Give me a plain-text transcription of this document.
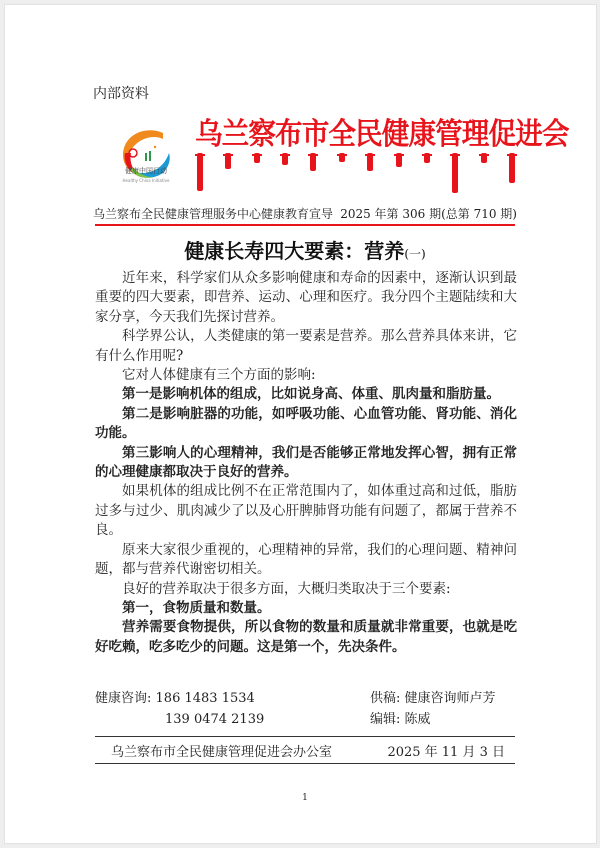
内部资料
健康中国行动
Healthy China Initiative
乌兰察布市全民健康管理促进会
乌兰察布全民健康管理服务中心健康教育宣导 2025 年第 306 期(总第 710 期)
健康长寿四大要素：营养(一)

近年来，科学家们从众多影响健康和寿命的因素中，逐渐认识到最重要的四大要素，即营养、运动、心理和医疗。我分四个主题陆续和大家分享，今天我们先探讨营养。

科学界公认，人类健康的第一要素是营养。那么营养具体来讲，它有什么作用呢?

它对人体健康有三个方面的影响:

第一是影响机体的组成，比如说身高、体重、肌肉量和脂肪量。

第二是影响脏器的功能，如呼吸功能、心血管功能、肾功能、消化功能。

第三影响人的心理精神，我们是否能够正常地发挥心智，拥有正常的心理健康都取决于良好的营养。

如果机体的组成比例不在正常范围内了，如体重过高和过低，脂肪过多与过少、肌肉减少了以及心肝脾肺肾功能有问题了，都属于营养不良。

原来大家很少重视的，心理精神的异常，我们的心理问题、精神问题，都与营养代谢密切相关。

良好的营养取决于很多方面，大概归类取决于三个要素:

第一，食物质量和数量。

营养需要食物提供，所以食物的数量和质量就非常重要，也就是吃好吃赖，吃多吃少的问题。这是第一个，先决条件。

健康咨询: 186 1483 1534
139 0474 2139
供稿: 健康咨询师卢芳
编辑: 陈威
乌兰察布市全民健康管理促进会办公室	2025 年 11 月 3 日
1
